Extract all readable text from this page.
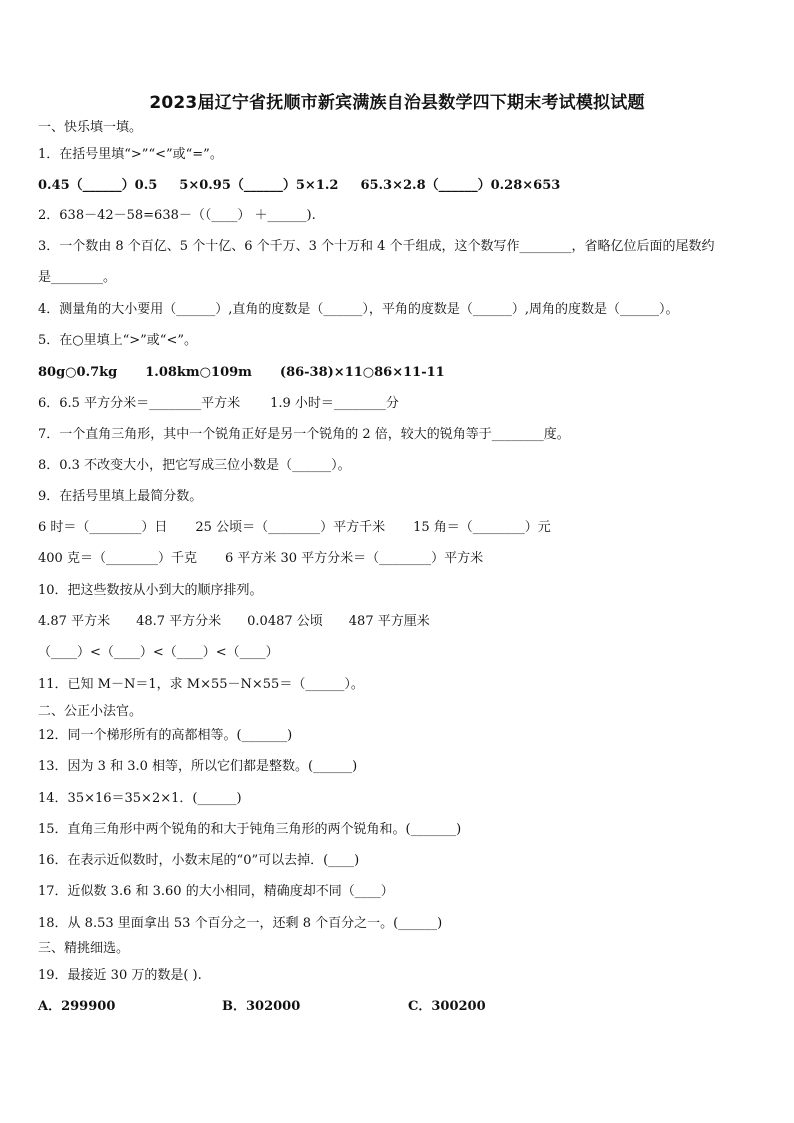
2023届辽宁省抚顺市新宾满族自治县数学四下期末考试模拟试题
一、快乐填一填。
1．在括号里填“>”“<”或“=”。
0.45（______）0.5 5×0.95（______）5×1.2 65.3×2.8（______）0.28×653
2．638－42－58=638－（（____） ＋______).
3．一个数由 8 个百亿、5 个十亿、6 个千万、3 个十万和 4 个千组成，这个数写作________，省略亿位后面的尾数约
是________。
4．测量角的大小要用（______）,直角的度数是（______），平角的度数是（______）,周角的度数是（______）。
5．在○里填上“>”或“<”。
80g○0.7kg 1.08km○109m (86-38)×11○86×11-11
6．6.5 平方分米＝________平方米 1.9 小时＝________分
7．一个直角三角形，其中一个锐角正好是另一个锐角的 2 倍，较大的锐角等于________度。
8．0.3 不改变大小，把它写成三位小数是（______）。
9．在括号里填上最简分数。
6 时＝（________）日 25 公顷＝（________）平方千米 15 角＝（________）元
400 克＝（________）千克 6 平方米 30 平方分米＝（________）平方米
10．把这些数按从小到大的顺序排列。
4.87 平方米 48.7 平方分米 0.0487 公顷 487 平方厘米
（____）<（____）<（____）<（____）
11．已知 M－N＝1，求 M×55－N×55＝（______）。
二、公正小法官。
12．同一个梯形所有的高都相等。(_______)
13．因为 3 和 3.0 相等，所以它们都是整数。(______)
14．35×16＝35×2×1．(______)
15．直角三角形中两个锐角的和大于钝角三角形的两个锐角和。(_______)
16．在表示近似数时，小数末尾的“0”可以去掉．(____)
17．近似数 3.6 和 3.60 的大小相同，精确度却不同（____）
18．从 8.53 里面拿出 53 个百分之一，还剩 8 个百分之一。(______)
三、精挑细选。
19．最接近 30 万的数是( ).
A．299900	B．302000	C．300200
